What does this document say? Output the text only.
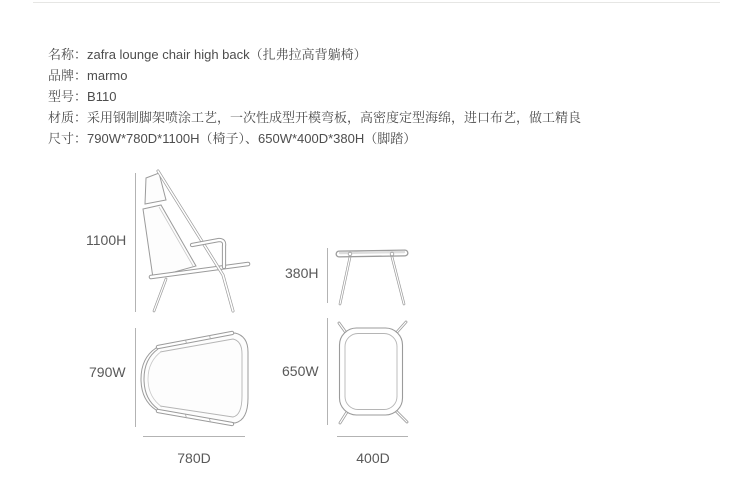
名称：zafra lounge chair high back（扎弗拉高背躺椅）
品牌：marmo
型号：B110
材质：采用钢制脚架喷涂工艺，一次性成型开模弯板，高密度定型海绵，进口布艺，做工精良
尺寸：790W*780D*1100H（椅子）、650W*400D*380H（脚踏）
1100H
380H
790W
780D
650W
400D
